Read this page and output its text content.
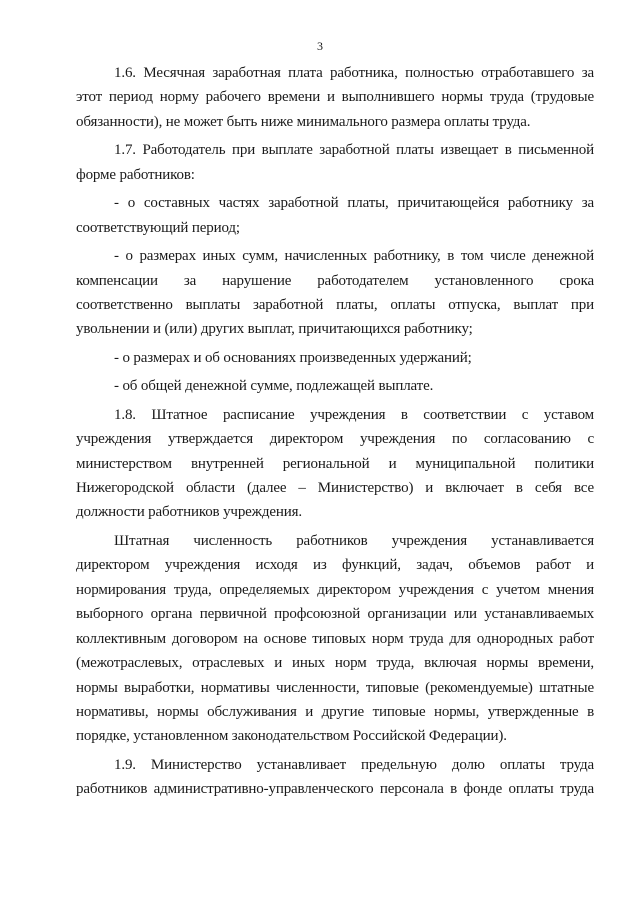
3
1.6. Месячная заработная плата работника, полностью отработавшего за
этот период норму рабочего времени и выполнившего нормы труда (трудовые
обязанности), не может быть ниже минимального размера оплаты труда.
1.7. Работодатель при выплате заработной платы извещает в письменной
форме работников:
- о составных частях заработной платы, причитающейся работнику за
соответствующий период;
- о размерах иных сумм, начисленных работнику, в том числе денежной
компенсации за нарушение работодателем установленного срока
соответственно выплаты заработной платы, оплаты отпуска, выплат при
увольнении и (или) других выплат, причитающихся работнику;
- о размерах и об основаниях произведенных удержаний;
- об общей денежной сумме, подлежащей выплате.
1.8. Штатное расписание учреждения в соответствии с уставом
учреждения утверждается директором учреждения по согласованию с
министерством внутренней региональной и муниципальной политики
Нижегородской области (далее – Министерство) и включает в себя все
должности работников учреждения.
Штатная численность работников учреждения устанавливается
директором учреждения исходя из функций, задач, объемов работ и
нормирования труда, определяемых директором учреждения с учетом мнения
выборного органа первичной профсоюзной организации или устанавливаемых
коллективным договором на основе типовых норм труда для однородных работ
(межотраслевых, отраслевых и иных норм труда, включая нормы времени,
нормы выработки, нормативы численности, типовые (рекомендуемые) штатные
нормативы, нормы обслуживания и другие типовые нормы, утвержденные в
порядке, установленном законодательством Российской Федерации).
1.9. Министерство устанавливает предельную долю оплаты труда
работников административно-управленческого персонала в фонде оплаты труда
